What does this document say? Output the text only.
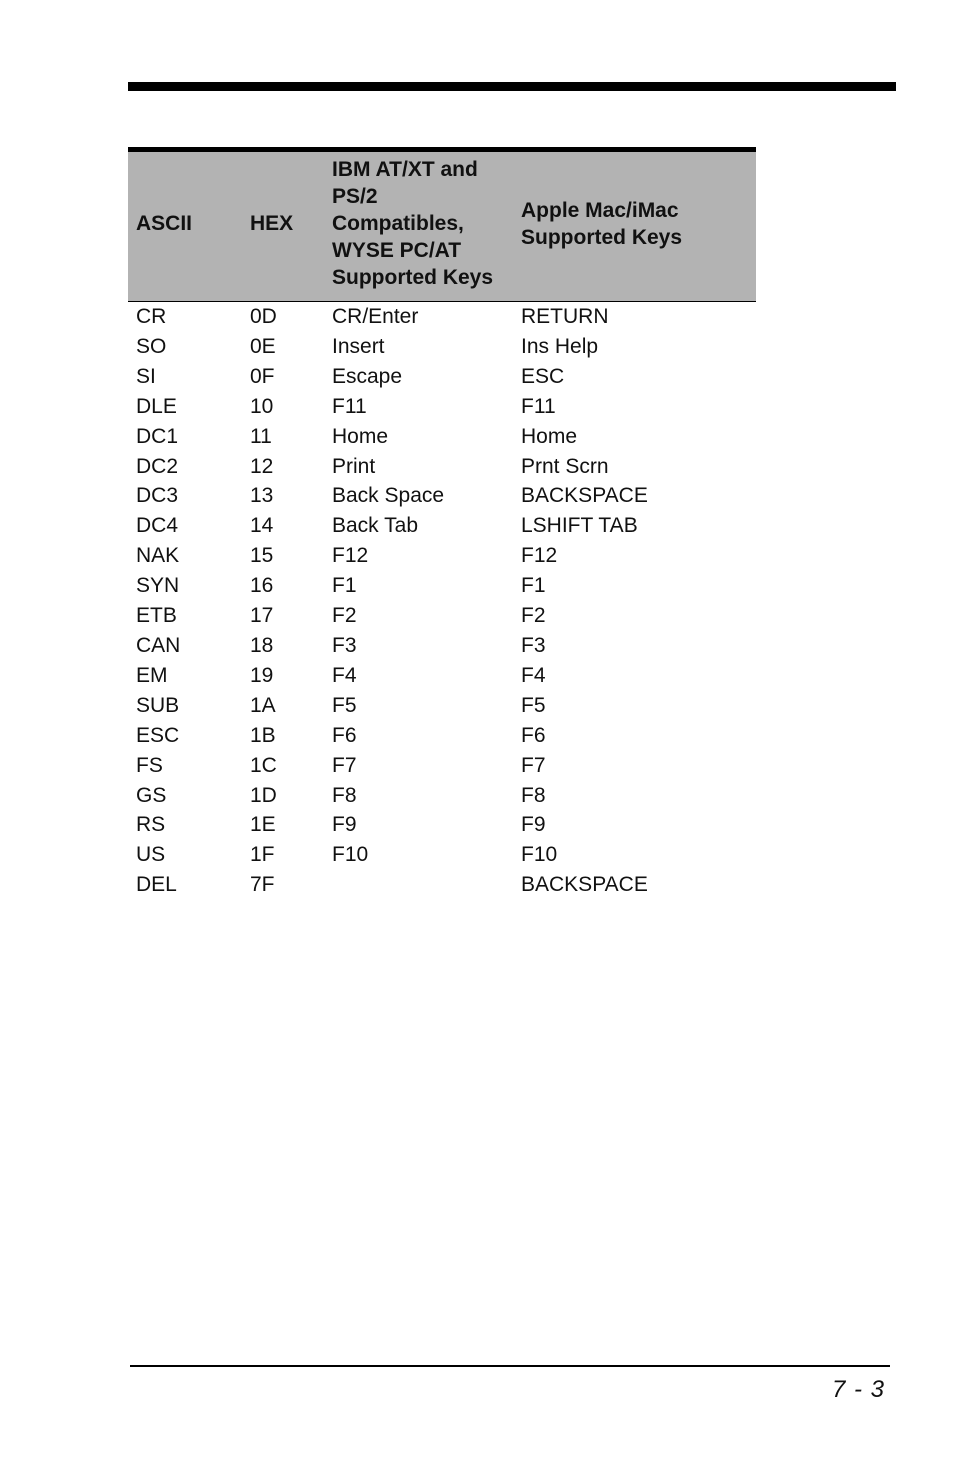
ASCII	HEX	IBM AT/XT and PS/2 Compatibles, WYSE PC/AT Supported Keys	Apple Mac/iMac Supported Keys
CR	0D	CR/Enter	RETURN
SO	0E	Insert	Ins Help
SI	0F	Escape	ESC
DLE	10	F11	F11
DC1	11	Home	Home
DC2	12	Print	Prnt Scrn
DC3	13	Back Space	BACKSPACE
DC4	14	Back Tab	LSHIFT TAB
NAK	15	F12	F12
SYN	16	F1	F1
ETB	17	F2	F2
CAN	18	F3	F3
EM	19	F4	F4
SUB	1A	F5	F5
ESC	1B	F6	F6
FS	1C	F7	F7
GS	1D	F8	F8
RS	1E	F9	F9
US	1F	F10	F10
DEL	7F		BACKSPACE
7 - 3
